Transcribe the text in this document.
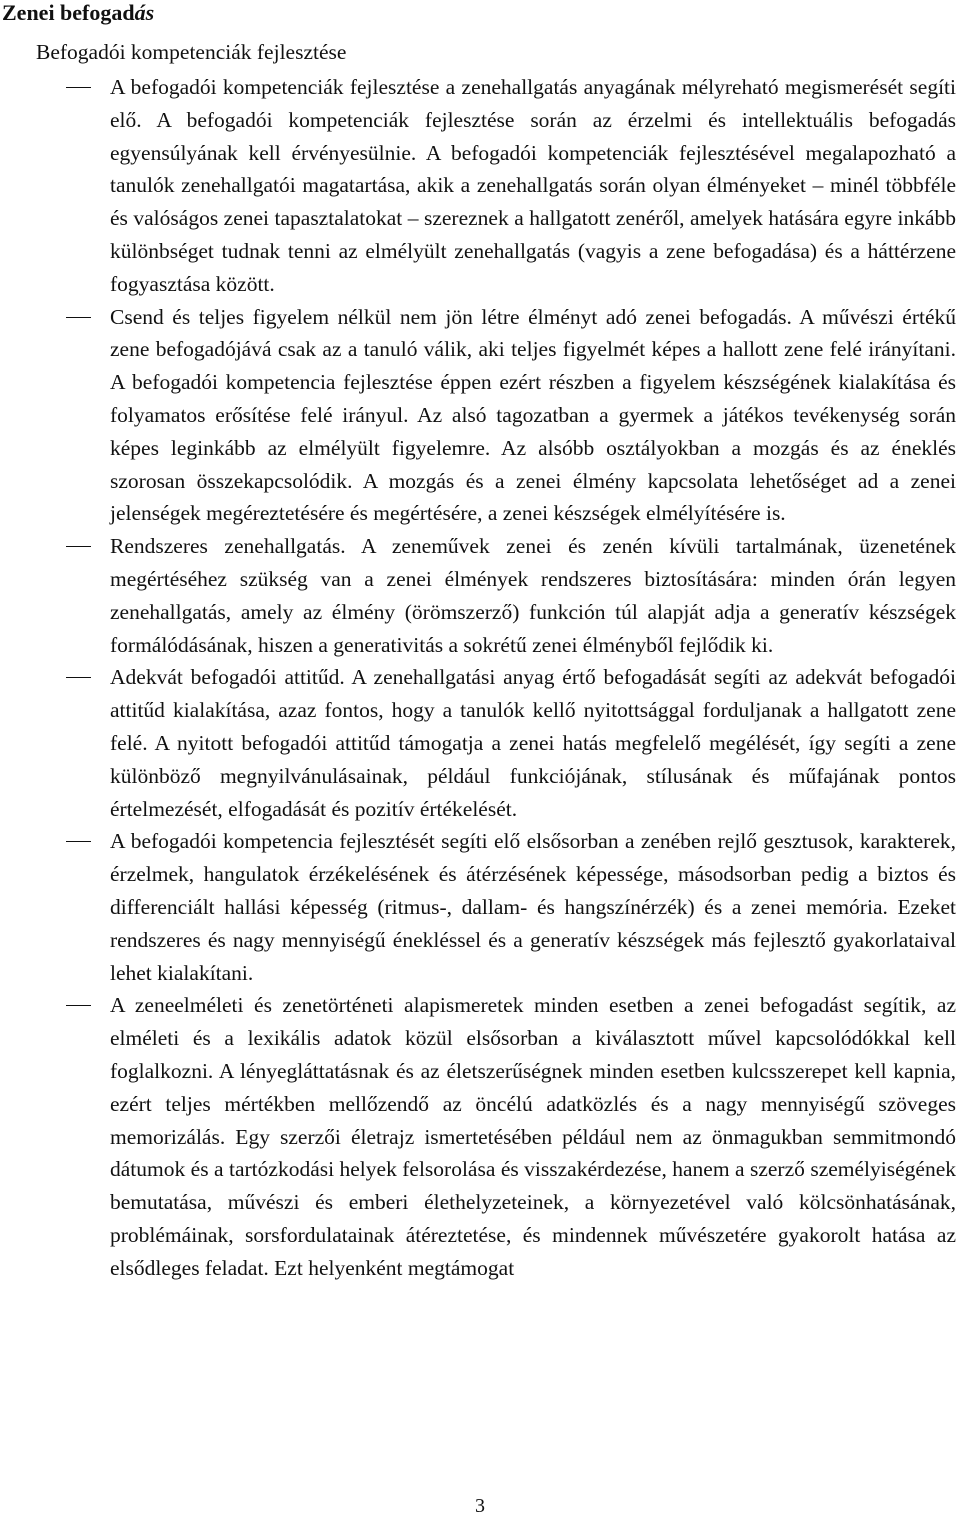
Zenei befogadás

Befogadói kompetenciák fejlesztése

A befogadói kompetenciák fejlesztése a zenehallgatás anyagának mélyreható megismerését segíti elő. A befogadói kompetenciák fejlesztése során az érzelmi és intellektuális befogadás egyensúlyának kell érvényesülnie. A befogadói kompetenciák fejlesztésével megalapozható a tanulók zenehallgatói magatartása, akik a zenehallgatás során olyan élményeket ‒ minél többféle és valóságos zenei tapasztalatokat ‒ szereznek a hallgatott zenéről, amelyek hatására egyre inkább különbséget tudnak tenni az elmélyült zenehallgatás (vagyis a zene befogadása) és a háttérzene fogyasztása között.
Csend és teljes figyelem nélkül nem jön létre élményt adó zenei befogadás. A művészi értékű zene befogadójává csak az a tanuló válik, aki teljes figyelmét képes a hallott zene felé irányítani. A befogadói kompetencia fejlesztése éppen ezért részben a figyelem készségének kialakítása és folyamatos erősítése felé irányul. Az alsó tagozatban a gyermek a játékos tevékenység során képes leginkább az elmélyült figyelemre. Az alsóbb osztályokban a mozgás és az éneklés szorosan összekapcsolódik. A mozgás és a zenei élmény kapcsolata lehetőséget ad a zenei jelenségek megéreztetésére és megértésére, a zenei készségek elmélyítésére is.
Rendszeres zenehallgatás. A zeneművek zenei és zenén kívüli tartalmának, üzenetének megértéséhez szükség van a zenei élmények rendszeres biztosítására: minden órán legyen zenehallgatás, amely az élmény (örömszerző) funkción túl alapját adja a generatív készségek formálódásának, hiszen a generativitás a sokrétű zenei élményből fejlődik ki.
Adekvát befogadói attitűd. A zenehallgatási anyag értő befogadását segíti az adekvát befogadói attitűd kialakítása, azaz fontos, hogy a tanulók kellő nyitottsággal forduljanak a hallgatott zene felé. A nyitott befogadói attitűd támogatja a zenei hatás megfelelő megélését, így segíti a zene különböző megnyilvánulásainak, például funkciójának, stílusának és műfajának pontos értelmezését, elfogadását és pozitív értékelését.
A befogadói kompetencia fejlesztését segíti elő elsősorban a zenében rejlő gesztusok, karakterek, érzelmek, hangulatok érzékelésének és átérzésének képessége, másodsorban pedig a biztos és differenciált hallási képesség (ritmus-, dallam- és hangszínérzék) és a zenei memória. Ezeket rendszeres és nagy mennyiségű énekléssel és a generatív készségek más fejlesztő gyakorlataival lehet kialakítani.
A zeneelméleti és zenetörténeti alapismeretek minden esetben a zenei befogadást segítik, az elméleti és a lexikális adatok közül elsősorban a kiválasztott művel kapcsolódókkal kell foglalkozni. A lényegláttatásnak és az életszerűségnek minden esetben kulcsszerepet kell kapnia, ezért teljes mértékben mellőzendő az öncélú adatközlés és a nagy mennyiségű szöveges memorizálás. Egy szerzői életrajz ismertetésében például nem az önmagukban semmitmondó dátumok és a tartózkodási helyek felsorolása és visszakérdezése, hanem a szerző személyiségének bemutatása, művészi és emberi élethelyzeteinek, a környezetével való kölcsönhatásának, problémáinak, sorsfordulatainak átéreztetése, és mindennek művészetére gyakorolt hatása az elsődleges feladat. Ezt helyenként megtámogat
3
